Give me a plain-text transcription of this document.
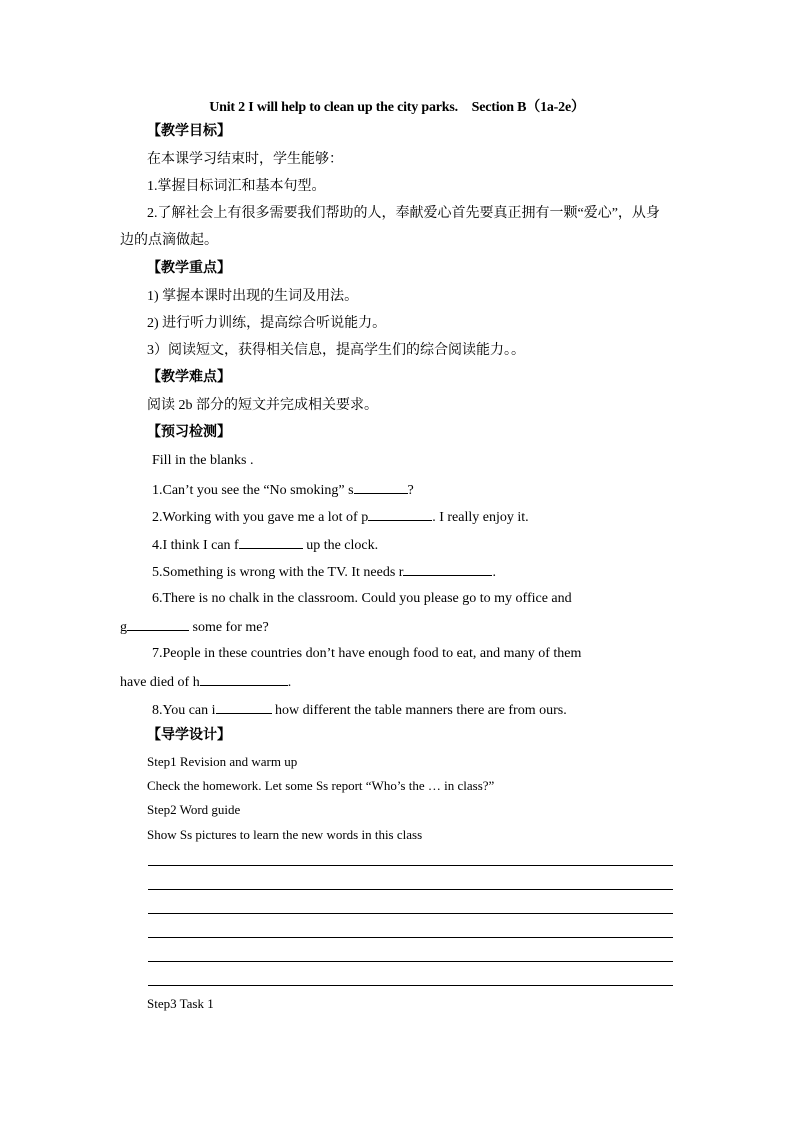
Unit 2 I will help to clean up the city parks.　Section B（1a-2e）
【教学目标】
在本课学习结束时，学生能够：
1.掌握目标词汇和基本句型。
2.了解社会上有很多需要我们帮助的人，奉献爱心首先要真正拥有一颗“爱心”，从身
边的点滴做起。
【教学重点】
1) 掌握本课时出现的生词及用法。
2) 进行听力训练，提高综合听说能力。
3）阅读短文，获得相关信息，提高学生们的综合阅读能力。。
【教学难点】
阅读 2b 部分的短文并完成相关要求。
【预习检测】
Fill in the blanks .
1.Can’t you see the “No smoking” s	?
2.Working with you gave me a lot of p	. I really enjoy it.
4.I think I can f	up the clock.
5.Something is wrong with the TV. It needs r	.
6.There is no chalk in the classroom. Could you please go to my office and
g	some for me?
7.People in these countries don’t have enough food to eat, and many of them
have died of h	.
8.You can i	how different the table manners there are from ours.
【导学设计】
Step1 Revision and warm up
Check the homework. Let some Ss report “Who’s the … in class?”
Step2 Word guide
Show Ss pictures to learn the new words in this class
Step3 Task 1
